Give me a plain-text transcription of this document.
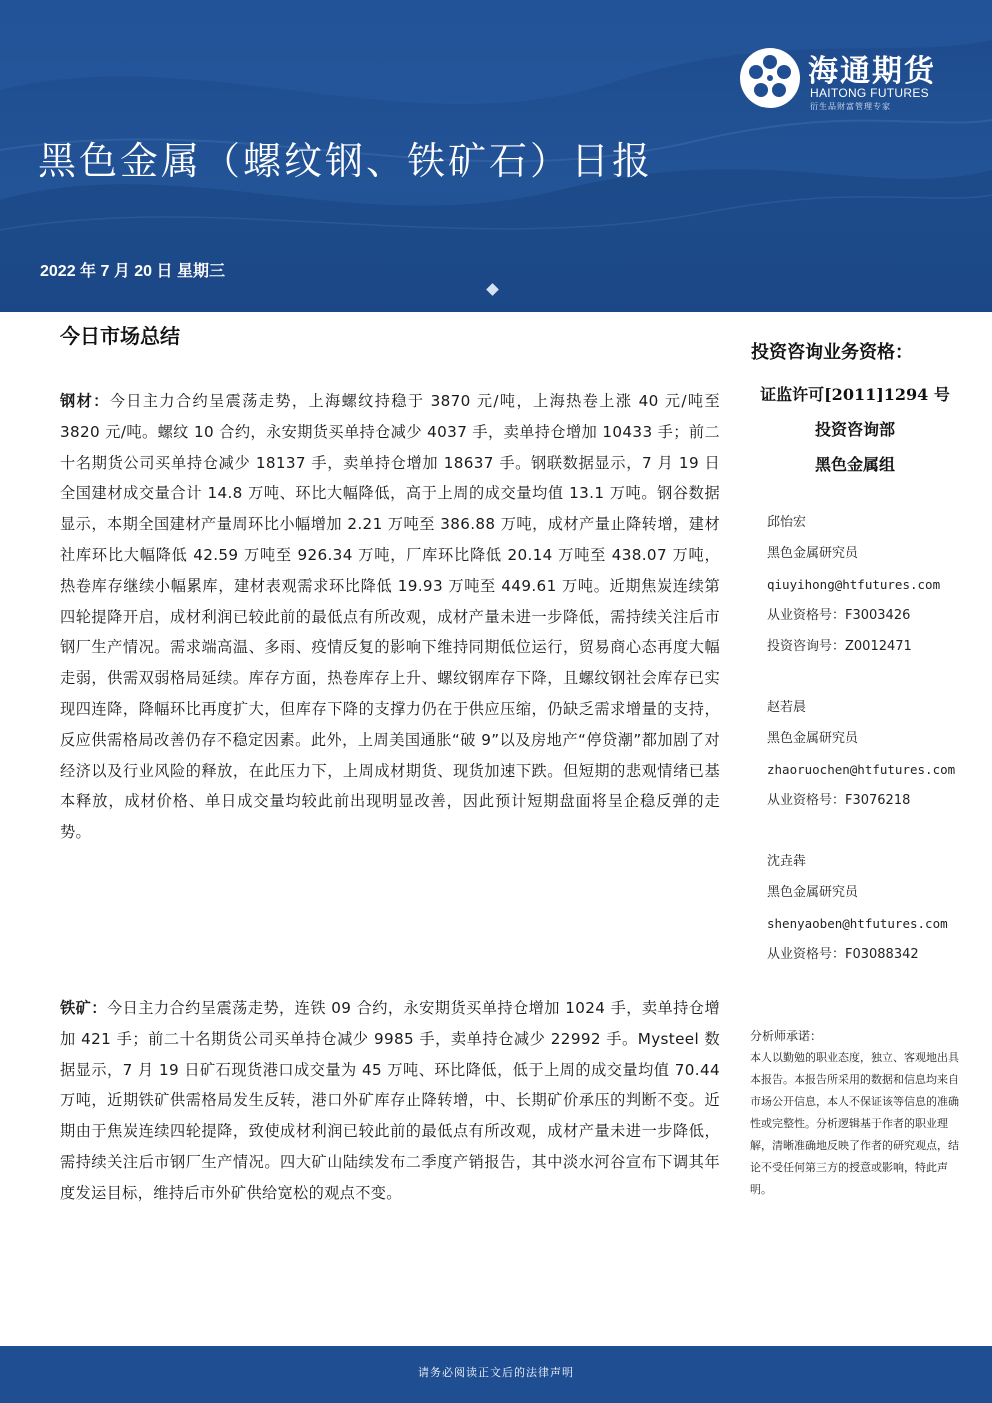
海通期货
HAITONG FUTURES
衍生品财富管理专家
黑色金属（螺纹钢、铁矿石）日报
2022 年 7 月 20 日 星期三
今日市场总结
钢材：今日主力合约呈震荡走势，上海螺纹持稳于 3870 元/吨，上海热卷上涨 40 元/吨至 3820 元/吨。螺纹 10 合约，永安期货买单持仓减少 4037 手，卖单持仓增加 10433 手；前二十名期货公司买单持仓减少 18137 手，卖单持仓增加 18637 手。钢联数据显示，7 月 19 日全国建材成交量合计 14.8 万吨、环比大幅降低，高于上周的成交量均值 13.1 万吨。钢谷数据显示，本期全国建材产量周环比小幅增加 2.21 万吨至 386.88 万吨，成材产量止降转增，建材社库环比大幅降低 42.59 万吨至 926.34 万吨，厂库环比降低 20.14 万吨至 438.07 万吨，热卷库存继续小幅累库，建材表观需求环比降低 19.93 万吨至 449.61 万吨。近期焦炭连续第四轮提降开启，成材利润已较此前的最低点有所改观，成材产量未进一步降低，需持续关注后市钢厂生产情况。需求端高温、多雨、疫情反复的影响下维持同期低位运行，贸易商心态再度大幅走弱，供需双弱格局延续。库存方面，热卷库存上升、螺纹钢库存下降，且螺纹钢社会库存已实现四连降，降幅环比再度扩大，但库存下降的支撑力仍在于供应压缩，仍缺乏需求增量的支持，反应供需格局改善仍存不稳定因素。此外，上周美国通胀“破 9”以及房地产“停贷潮”都加剧了对经济以及行业风险的释放，在此压力下，上周成材期货、现货加速下跌。但短期的悲观情绪已基本释放，成材价格、单日成交量均较此前出现明显改善，因此预计短期盘面将呈企稳反弹的走势。
铁矿：今日主力合约呈震荡走势，连铁 09 合约，永安期货买单持仓增加 1024 手，卖单持仓增加 421 手；前二十名期货公司买单持仓减少 9985 手，卖单持仓减少 22992 手。Mysteel 数据显示，7 月 19 日矿石现货港口成交量为 45 万吨、环比降低，低于上周的成交量均值 70.44 万吨，近期铁矿供需格局发生反转，港口外矿库存止降转增，中、长期矿价承压的判断不变。近期由于焦炭连续四轮提降，致使成材利润已较此前的最低点有所改观，成材产量未进一步降低，需持续关注后市钢厂生产情况。四大矿山陆续发布二季度产销报告，其中淡水河谷宣布下调其年度发运目标，维持后市外矿供给宽松的观点不变。
投资咨询业务资格：
证监许可[2011]1294 号
投资咨询部
黑色金属组
邱怡宏
黑色金属研究员
qiuyihong@htfutures.com
从业资格号：F3003426
投资咨询号：Z0012471
赵若晨
黑色金属研究员
zhaoruochen@htfutures.com
从业资格号：F3076218
沈垚犇
黑色金属研究员
shenyaoben@htfutures.com
从业资格号：F03088342
分析师承诺：
本人以勤勉的职业态度，独立、客观地出具本报告。本报告所采用的数据和信息均来自市场公开信息，本人不保证该等信息的准确性或完整性。分析逻辑基于作者的职业理解，清晰准确地反映了作者的研究观点，结论不受任何第三方的授意或影响，特此声明。
请务必阅读正文后的法律声明
